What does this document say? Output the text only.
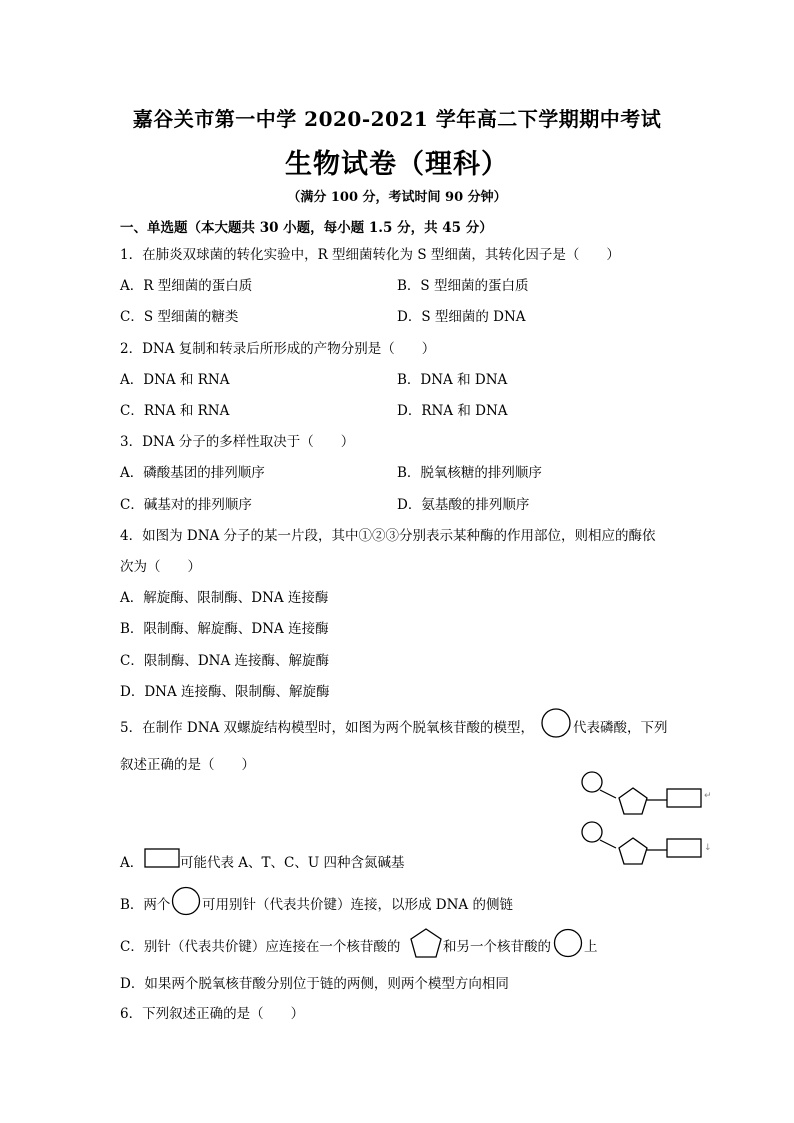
嘉谷关市第一中学 2020-2021 学年高二下学期期中考试
生物试卷（理科）
（满分 100 分，考试时间 90 分钟）
一、单选题（本大题共 30 小题，每小题 1.5 分，共 45 分）
1．在肺炎双球菌的转化实验中，R 型细菌转化为 S 型细菌，其转化因子是（　　）
A．R 型细菌的蛋白质	B．S 型细菌的蛋白质
C．S 型细菌的糖类	D．S 型细菌的 DNA
2．DNA 复制和转录后所形成的产物分别是（　　）
A．DNA 和 RNA	B．DNA 和 DNA
C．RNA 和 RNA	D．RNA 和 DNA
3．DNA 分子的多样性取决于（　　）
A．磷酸基团的排列顺序	B．脱氧核糖的排列顺序
C．碱基对的排列顺序	D．氨基酸的排列顺序
4．如图为 DNA 分子的某一片段，其中①②③分别表示某种酶的作用部位，则相应的酶依
次为（　　）
A．解旋酶、限制酶、DNA 连接酶
B．限制酶、解旋酶、DNA 连接酶
C．限制酶、DNA 连接酶、解旋酶
D．DNA 连接酶、限制酶、解旋酶
5．在制作 DNA 双螺旋结构模型时，如图为两个脱氧核苷酸的模型，	代表磷酸，下列
叙述正确的是（　　）
↵
↓
A．	可能代表 A、T、C、U 四种含氮碱基
B．两个 可用别针（代表共价键）连接，以形成 DNA 的侧链
C．别针（代表共价键）应连接在一个核苷酸的	和另一个核苷酸的 上
D．如果两个脱氧核苷酸分别位于链的两侧，则两个模型方向相同
6．下列叙述正确的是（　　）
